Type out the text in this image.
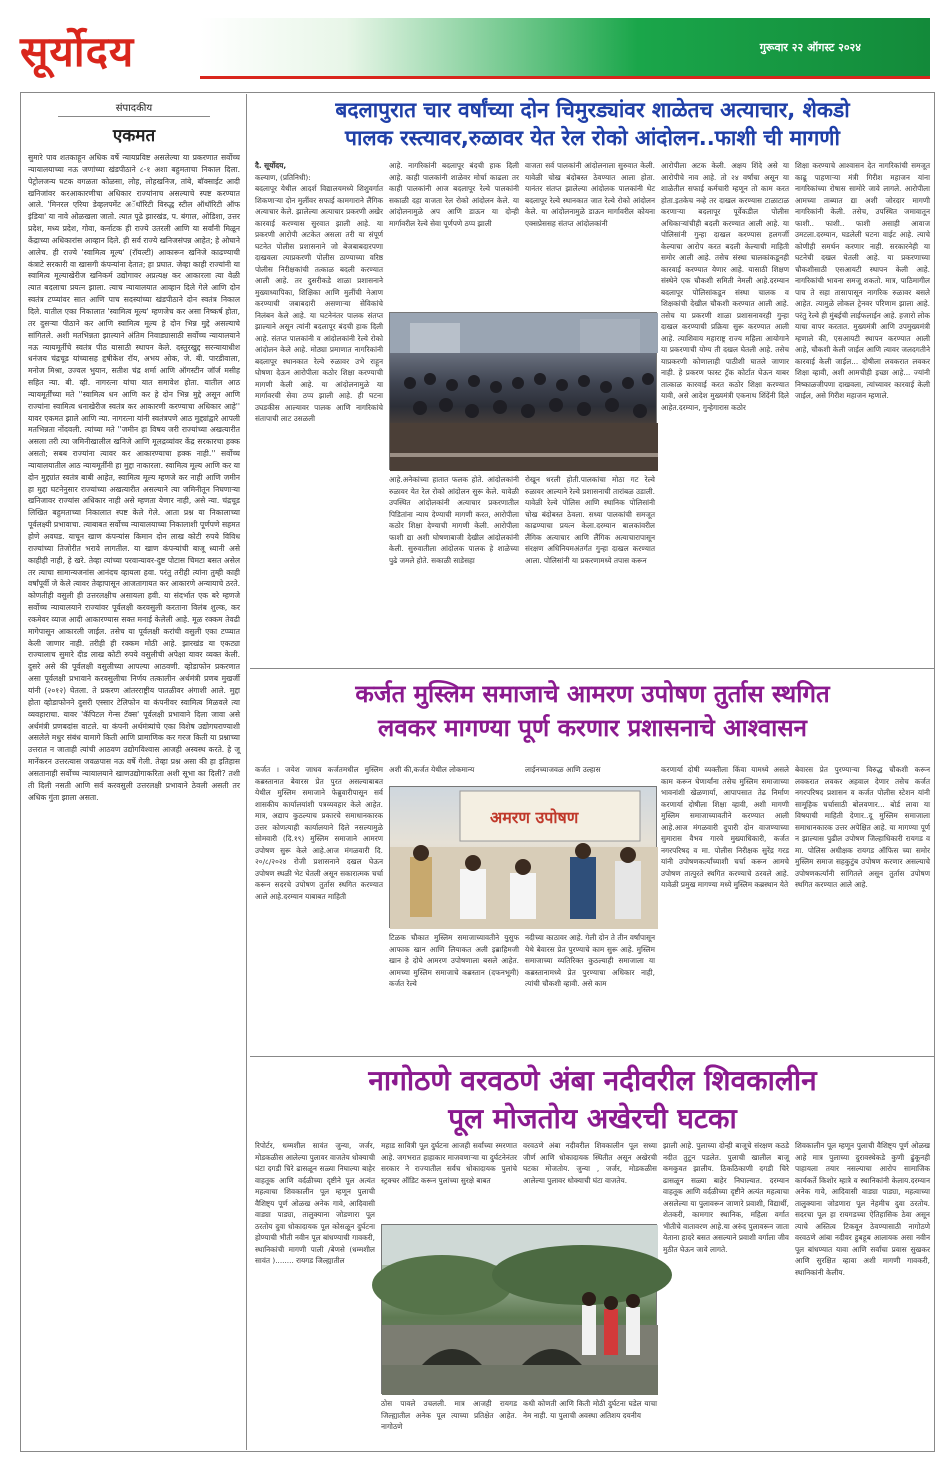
सूर्योदय	गुरूवार २२ ऑगस्ट २०२४
संपादकीय
एकमत
सुमारे पाव शतकाहून अधिक वर्षे न्यायप्रविष्ट असलेल्या या प्रकरणात सर्वोच्च न्यायालयाच्या नऊ जणांच्या खंडपीठाने ८-१ अशा बहुमताचा निकाल दिला. पेट्रोलजन्य घटक वगळता कोळसा, लोह, लोहखनिज, तांबे, बॉक्साईट आदी खनिजांवर करआकारणीचा अधिकार राज्यांनाच असल्याचे स्पष्ट करण्यात आले. 'मिनरल एरिया डेव्हलपमेंट अॅथॉरिटी विरुद्ध स्टील ऑथॉरिटी ऑफ इंडिया' या नावे ओळखला जातो. त्यात पूढे झारखंड, प. बंगाल, ओडिशा, उत्तर प्रदेश, मध्य प्रदेश, गोवा, कर्नाटक ही राज्ये उतरली आणि या सर्वांनी मिळून केंद्राच्या अधिकारांस आव्हान दिले. ही सर्व राज्ये खनिजसंपन्न आहेत; हे ओघाने आलेच. ही राज्ये 'स्वामित्व मूल्य' (रॉयल्टी) आकारून खनिजे काढण्याची कंत्राटे सरकारी वा खासगी कंपन्यांना देतात; हा प्रघात. जेव्हा काही राज्यांनी या स्वामित्व मूल्याखेरीज खनिकर्म उद्योगावर अप्रत्यक्ष कर आकारला त्या वेळी त्यात बदलाचा प्रयत्न झाला. त्याच न्यायालयात आव्हान दिले गेले आणि दोन स्वतंत्र टप्प्यांवर सात आणि पाच सदस्यांच्या खंडपीठाने दोन स्वतंत्र निकाल दिले. यातील एका निकालात 'स्वामित्व मूल्य' म्हणजेच कर असा निष्कर्ष होता, तर दुसऱ्या पीठाने कर आणि स्वामित्व मूल्य हे दोन भिन्न मुद्दे असल्याचे सांगितले. अशी मतभिन्नता झाल्याने अंतिम निवाड्यासाठी सर्वोच्च न्यायालयाने नऊ न्यायमूर्तीचे स्वतंत्र पीठ यासाठी स्थापन केले. दस्तुरखुद्द सरन्यायाधीश धनंजय चंद्रचूड यांच्यासह हृषीकेश रॉय, अभय ओक, जे. बी. पारडीवाला, मनोज मिश्रा, उज्वल भुयान, सतीश चंद्र शर्मा आणि ऑगस्टीन जॉर्ज मसीह सहित न्या. बी. व्ही. नागरत्ना यांचा यात समावेश होता. यातील आठ न्यायमूर्तींच्या मते ''स्वामित्व धन आणि कर हे दोन भिन्न मुद्दे असून आणि राज्यांना स्वामित्व धनाखेरीज स्वतंत्र कर आकारणी करण्याचा अधिकार आहे'' यावर एकमत झाले आणि न्या. नागरत्ना यांनी स्वतंत्रपणे आठ मुद्द्यांद्वारे आपली मतभिन्नता नोंदवली. त्यांच्या मते ''जमीन हा विषय जरी राज्यांच्या अखत्यारीत असला तरी त्या जमिनीखालील खनिजे आणि मूलद्रव्यांवर केंद्र सरकारचा हक्क असतो; सबब राज्यांना त्यावर कर आकारण्याचा हक्क नाही.'' सर्वोच्च न्यायालयातील आठ न्यायमूर्तींनी हा मुद्दा नाकारला. स्वामित्व मूल्य आणि कर या दोन मुद्द्यांत स्वतंत्र बाबी आहेत, स्वामित्व मूल्य म्हणजे कर नाही आणि जमीन हा मुद्दा घटनेनुसार राज्यांच्या अखत्यारीत असल्याने त्या जमिनीतून निघणाऱ्या खनिजावर राज्यांस अधिकार नाही असे म्हणता येणार नाही, असे न्या. चंद्रचूड लिखित बहुमताच्या निकालात स्पष्ट केले गेले. आता प्रश्न या निकालाच्या पूर्वलक्ष्यी प्रभावाचा. त्याबाबत सर्वोच्च न्यायालयाच्या निकालाशी पूर्णपणे सहमत होणे अवघड. याचून खाण कंपन्यांस किमान दोन लाख कोटी रुपये विविध राज्यांच्या तिजोरीत भरावे लागतील. या खाण कंपन्यांची बाजू ध्यानी असे काहीही नाही, हे खरे. तेव्हा त्यांच्या परवान्यावर-दुष्ट पोटास चिमटा बसत असेल तर त्याचा सामान्यजनांस आनंदच व्हायला हवा. परंतु तरीही त्यांना तुम्ही काही वर्षांपूर्वी जे केले त्यावर तेव्हापासून आजतागायत कर आकारणे अन्यायाचे ठरते. कोणतीही वसुली ही उत्तरलक्षीच असायला हवी. या संदर्भात एक बरे म्हणजे सर्वोच्च न्यायालयाने राज्यांवर पूर्वलक्षी करवसुली करताना विलंब शुल्क, कर रकमेवर व्याज आदी आकारण्यास सक्त मनाई केलेली आहे. मूळ रक्कम तेवढी मागेपासून आकारली जाईल. तसेच या पूर्वलक्षी करांची वसुली एका टप्प्यात केली जाणार नाही. तरीही ही रक्कम मोठी आहे. झारखंड या एकट्या राज्यालाच सुमारे दीड लाख कोटी रुपये वसुलीची अपेक्षा यावर व्यक्त केली. दुसरे असे की पूर्वलक्षी वसुलीच्या आपल्या आठवणी. व्होडाफोन प्रकरणात असा पूर्वलक्षी प्रभावाने करवसुलीचा निर्णय तत्कालीन अर्थमंत्री प्रणब मुखर्जी यांनी (२०१२) घेतला. ते प्रकरण आंतरराष्ट्रीय पातळीवर अंगाशी आले. मुद्दा होता व्होडाफोनने दुसरी एस्सार टेलिफोन या कंपनीवर स्वामित्व मिळवले त्या व्यवहाराचा. यावर 'कॅपिटल गेन्स टॅक्स' पूर्वलक्षी प्रभावाने दिला जावा असे अर्थमंत्री प्रणबदांस वाटले. या कंपनी अर्थमंत्र्यांचे एका विशेष उद्योगघराण्याशी असलेले मधुर संबंध यामागे किती आणि प्रामाणिक कर गरज किती या प्रश्नाच्या उत्तरात न जाताही त्यांची आठवण उद्योगविश्वास आजही अस्वस्थ करते. हे जू मानेंकरन उत्तरत्यास जवळपास नऊ वर्षे गेली. तेव्हा प्रश्न असा की हा इतिहास असतानाही सर्वोच्च न्यायालयाने खाणउद्योगाकरिता अशी सूभा का दिली? तशी ती दिली नसती आणि सर्व करवसुली उत्तरलक्षी प्रभावाने ठेवली असती तर अधिक गुंता झाला असता.
बदलापुरात चार वर्षांच्या दोन चिमुरड्यांवर शाळेतच अत्याचार, शेकडो
पालक रस्त्यावर,रुळावर येत रेल रोको आंदोलन..फाशी ची मागणी
दै. सूर्योदय,
कल्याण, (प्रतिनिधी):
बदलापूर येथील आदर्श विद्यालयमध्ये शिशुवर्गात शिकणाऱ्या दोन मुलींवर सफाई कामगाराने लैंगिक अत्याचार केले. झालेल्या अत्याचार प्रकरणी अखेर कारवाई करण्यास सुरवात झाली आहे. या प्रकरणी आरोपी अटकेत असला तरी या संपूर्ण घटनेत पोलीस प्रशासनाने जो बेजबाबदारपणा दाखवला त्याप्रकरणी पोलीस ठाण्याच्या वरिष्ठ पोलीस निरीक्षकांची तत्काळ बदली करण्यात आली आहे. तर दुसरीकडे शाळा प्रशासनाने मुख्याध्यापिका, शिक्षिका आणि मुलींची नेआण करण्याची जबाबदारी असणाऱ्या सेविकांचे निलंबन केले आहे. या घटनेनंतर पालक संतप्त झाल्याने असून त्यांनी बदलापूर बंदची हाक दिली आहे. संतप्त पालकांनी व आंदोलकांनी रेल्वे रोको आंदोलन केले आहे. मोठ्या प्रमाणात नागरिकांनी बदलापूर स्थानकात रेल्वे रुळावर उभे राहून घोषणा देऊन आरोपीला कठोर शिक्षा करण्याची मागणी केली आहे. या आंदोलनामुळे या मार्गावरची सेवा ठप्प झाली आहे. ही घटना उघडकीस आल्यावर पालक आणि नागरिकांचे संतापाची लाट उसळली
आहे. नागरिकांनी बदलापूर बंदची हाक दिली आहे. काही पालकांनी शाळेवर मोर्चा काढला तर काही पालकांनी आज बदलापूर रेल्वे पालकांनी सकाळी दहा वाजता रेल रोको आंदोलन केले. या आंदोलनामुळे अप आणि डाऊन या दोन्ही मार्गावरील रेल्वे सेवा पूर्णपणे ठप्प झाली
वाजता सर्व पालकांनी आंदोलनाला सुरुवात केली. यावेळी चोख बंदोबस्त ठेवण्यात आला होता. यानंतर संतप्त झालेल्या आंदोलक पालकांनी थेट बदलापूर रेल्वे स्थानकात जात रेल्वे रोको आंदोलन केले. या आंदोलनामुळे डाऊन मार्गावरील कोयना एक्सप्रेससह संतप्त आंदोलकांनी
आरोपीला अटक केली. अक्षय शिंदे असे या आरोपीचे नाव आहे. तो २४ वर्षांचा असून या शाळेतील सफाई कर्मचारी म्हणून तो काम करत होता.इतकेच नव्हे तर दाखल करण्यास टाळाटाळ करणाऱ्या बदलापूर पूर्वेकडील पोलीस अधिकाऱ्यांचीही बदली करण्यात आली आहे. या पोलिसांनी गुन्हा दाखल करण्यास हलगर्जी केल्याचा आरोप करत बदली केल्याची माहिती समोर आली आहे. तसेच संस्था चालकांकडूनही कारवाई करण्यात येणार आहे. यासाठी शिक्षण संस्थेने एक चौकशी समिती नेमली आहे.दरम्यान बदलापूर पोलिसांकडून संस्था चालक व शिक्षकांची देखील चौकशी करण्यात आली आहे. तसेच या प्रकरणी शाळा प्रशासनावरही गुन्हा दाखल करण्याची प्रक्रिया सुरू करण्यात आली आहे. त्याशिवाय महाराष्ट्र राज्य महिला आयोगाने या प्रकरणाची योग्य ती दखल घेतली आहे. तसेच याप्रकरणी कोणालाही पाठीशी घातले जाणार नाही. हे प्रकरण फास्ट ट्रॅक कोर्टात घेऊन याबर तात्काळ कारवाई करत कठोर शिक्षा करण्यात यावी, असे आदेश मुख्यमंत्री एकनाथ शिंदेंनी दिले आहेत.दरम्यान, गुन्हेगारास कठोर
शिक्षा करण्याचे आश्वासन देत नागरिकांची समजूत काढू पाहणाऱ्या मंत्री गिरीश महाजन यांना नागरिकांच्या रोषास सामोरे जावे लागले. आरोपीला आमच्या ताब्यात द्या अशी जोरदार मागणी नागरिकांनी केली. तसेच, उपस्थित जमावातून फाशी.. फाशी.. फाशी असाही आवाज उमटला.दरम्यान, घडलेली घटना वाईट आहे. त्याचे कोणीही समर्थन करणार नाही. सरकारनेही या घटनेची दखल घेतली आहे. या प्रकरणाच्या चौकशीसाठी एसआयटी स्थापन केली आहे. नागरिकांची भावना समजू शकतो. मात्र, पाठिमागील पाच ते सहा तासापासून नागरिक रुळावर बसले आहेत. त्यामुळे लोकल ट्रेनवर परिणाम झाला आहे. परंतु रेल्वे ही मुंबईची लाईफलाईन आहे. हजारो लोक याचा वापर करतात. मुख्यमंत्री आणि उपमुख्यमंत्री म्हणाले की, एसआयटी स्थापन करण्यात आली आहे, चौकशी केली जाईल आणि त्यावर जलदगतीने कारवाई केली जाईल... दोषीला लवकरात लवकर शिक्षा व्हावी, अशी आमचीही इच्छा आहे... ज्यांनी निष्काळजीपणा दाखवला, त्यांच्यावर कारवाई केली जाईल, असे गिरीश महाजन म्हणाले.
आहे.अनेकांच्या हातात फलक होते. आंदोलकांनी रुळावर येत रेल रोको आंदोलन सुरू केले. यावेळी उपस्थित आंदोलकांनी अत्याचार प्रकरणातील पिडितांना न्याय देण्याची मागणी करत, आरोपीला कठोर शिक्षा देण्याची मागणी केली. आरोपीला फाशी द्या अशी घोषणाबाजी देखील आंदोलकांनी केली. सुरुवातीला आंदोलक पालक हे शाळेच्या पुढे जमले होते. सकाळी साडेसहा
रोखून धरली होती.पालकांचा मोठा गट रेल्वे रुळावर आल्याने रेल्वे प्रशासनाची तारांबळ उडाली. यावेळी रेल्वे पोलिस आणि स्थानिक पोलिसांनी चोख बंदोबस्त ठेवला. सध्या पालकांची समजूत काढण्याचा प्रयत्न केला.दरम्यान बालकांवरील लैंगिक अत्याचार आणि लैंगिक अत्याचारापासून संरक्षण अधिनियमअंतर्गत गुन्हा दाखल करण्यात आला. पोलिसांनी या प्रकरणामध्ये तपास करून
कर्जत मुस्लिम समाजाचे आमरण उपोषण तुर्तास स्थगित
लवकर मागण्या पूर्ण करणार प्रशासनाचे आश्वासन
कर्जत । जयेश जाधव कर्जतमधील मुस्लिम कब्रस्तानात बेवारस प्रेत पुरत असल्याबाबत येथील मुस्लिम समाजाने फेब्रुवारीपासून सर्व शासकीय कार्यालयांशी पत्रव्यवहार केले आहेत. मात्र, अद्याप कुठल्याच प्रकारचे समाधानकारक उत्तर कोणत्याही कार्यालयाने दिले नसल्यामुळे सोमवारी (दि.१९) मुस्लिम समाजाने आमरण उपोषण सुरू केले आहे.आज मंगळवारी दि. २०/८/२०२४ रोजी प्रशासनाने दखल घेऊन उपोषण स्थळी भेट घेतली असून सकारात्मक चर्चा करून सदरचे उपोषण तुर्तास स्थगित करण्यात आले आहे.दरम्यान याबाबत माहिती
अशी की,कर्जत येथील लोकमान्य	लाईनच्याजवळ आणि उल्हास	करणार्या दोषी व्यक्तीला किंवा यामध्ये असले काम करून घेणार्यांना तसेच मुस्लिम समाजाच्या भावनांशी खेळणार्या, आपापसात तेढ निर्माण करणार्या दोषीला शिक्षा व्हावी, अशी मागणी मुस्लिम समाजाच्यावतीने करण्यात आली आहे.आज मंगळवारी दुपारी दोन वाजण्याच्या सुमारास वैभव गारवे मुख्याधिकारी, कर्जत नगरपरिषद व मा. पोलीस निरीक्षक सुरेंद्र गरड यांनी उपोषणकर्त्यांच्याशी चर्चा करून आमचे उपोषण तात्पुरते स्थगित करण्याचे ठरवले आहे. यावेळी प्रमुख मागण्या मध्ये मुस्लिम कब्रस्थान येते
बेवारस प्रेत पुरण्याऱ्या विरुद्ध चौकशी करून लवकरात लवकर अहवाल देणार तसेच कर्जत नगरपरिषद प्रशासन व कर्जत पोलीस स्टेशन यांनी सामूहिक चर्चासाठी बोलवणार... बोर्ड लावा या विषयाची माहिती देणार..दू मुस्लिम समाजाला समाधानकारक उत्तर अपेक्षित आहे. या मागण्या पूर्ण न झाल्यास पुढील उपोषण जिल्हाधिकारी रायगड व मा. पोलिस अधीक्षक रायगड ऑफिस च्या समोर मुस्लिम समाज सहकुटुंब उपोषण करणार असल्याचे उपोषणकर्त्यांनी सांगितले असून तुर्तास उपोषण स्थगित करण्यात आले आहे.
अमरण उपोषण
टिळक चौकात मुस्लिम समाजाच्यावतीने युसुफ आफाक खान आणि लियाकत अली इब्राहिमजी खान हे दोघे आमरण उपोषणाला बसले आहेत. आमच्या मुस्लिम समाजाचे कब्रस्तान (दफनभूमी) कर्जत रेल्वे
नदीच्या काठावर आहे. गेली दोन ते तीन वर्षांपासून येथे बेवारस प्रेत पुरण्याचे काम सुरू आहे. मुस्लिम समाजाच्या व्यतिरिक्त कुठल्याही समाजाला या कब्रस्तानामध्ये प्रेत पुरण्याचा अधिकार नाही, त्यांची चौकशी व्हावी. असे काम
नागोठणे वरवठणे अंबा नदीवरील शिवकालीन
पूल मोजतोय अखेरची घटका
रिपोर्टर, धम्मशील सावंत जुन्या, जर्जर, मोडकळीस आलेल्या पुलावर वाजतेय धोक्याची घंटा दगडी चिरे ढासळून सळ्या निघाल्या बाहेर वाहतूक आणि वर्दळीच्या दृष्टीने पूल अत्यंत महत्वाचा शिवकालीन पूल म्हणून पुलाची वैशिष्ट्य पूर्ण ओळख अनेक गावे, आदिवासी वाड्या पाड्या, तालुक्याना जोडणारा पूल ठरतोय दुवा धोकादायक पूल कोसळून दुर्घटना होण्याची भीती नवीन पूल बांधण्याची गावकरी, स्थानिकांची मागणी पाली /बेणसे (धम्मशील सावंत )........ रायगड जिल्ह्यातील
महाड सावित्री पूल दुर्घटना आजही सर्वांच्या स्मरणात आहे. जगभरात हाहाकार माजवणाऱ्या या दुर्घटनेनंतर सरकार ने राज्यातील सर्वच धोकादायक पुलांचे स्ट्रक्चर ऑडिट करून पुलांच्या सुरक्षे बाबत
वरवठणे अंबा नदीवरील शिवकालीन पूल सध्या जीर्ण आणि धोकादायक स्थितीत असून अखेरची घटका मोजतोय. जुन्या , जर्जर, मोडकळीस आलेल्या पुलावर धोक्याची घंटा वाजतेय.
झाली आहे. पुलाच्या दोन्ही बाजूचे संरक्षण कठडे नदीत तुटून पडलेत. पुलाची खालील बाजू कमकुवत झालीय. ठिकठिकाणी दगडी चिरे ढासळून सळ्या बाहेर निघाल्यात. दरम्यान वाहतूक आणि वर्दळीच्या दृष्टीने अत्यंत महत्वाचा असलेल्या या पुलावरून जाणारे प्रवाशी, विद्यार्थी, शेतकरी, कामगार स्थानिक, महिला वर्गात भीतीचे वातावरण आहे.या अरुंद पुलावरून जाता येताना हादरे बसत असल्याने प्रवाशी वर्गाला जीव मुठीत घेऊन जावे लागते.
शिवकालीन पूल म्हणून पुलाची वैशिष्ट्य पूर्ण ओळख आहे मात्र पुलाच्या दुरावस्थेकडे कुणी ढुंकूनही पाहायला तयार नसल्याचा आरोप सामाजिक कार्यकर्ते किशोर म्हात्रे व स्थानिकांनी केलाय.दरम्यान अनेक गावे, आदिवासी वाड्या पाड्या, महत्वाच्या तालुक्याना जोडणारा पूल नेहमीच दुवा ठरतोय. सदरचा पूल हा रायगडच्या ऐतिहासिक ठेवा असून त्याचे अस्तित्व टिकवून ठेवण्यासाठी नागोठणे वरवठणे आंबा नदीवर हुबहूब आलायक असा नवीन पूल बांधण्यात यावा आणि सर्वांचा प्रवास सुखकर आणि सुरक्षित व्हावा अशी मागणी गावकरी, स्थानिकांनी केलीय.
ठोस पावले उचलली. मात्र आजही रायगड जिल्ह्यातील अनेक पूल त्याच्या प्रतिक्षेत आहेत. नागोठणे
कधी कोणती आणि किती मोठी दुर्घटना घडेल याचा नेम नाही. या पुलाची अवस्था अतिशय दयनीय
